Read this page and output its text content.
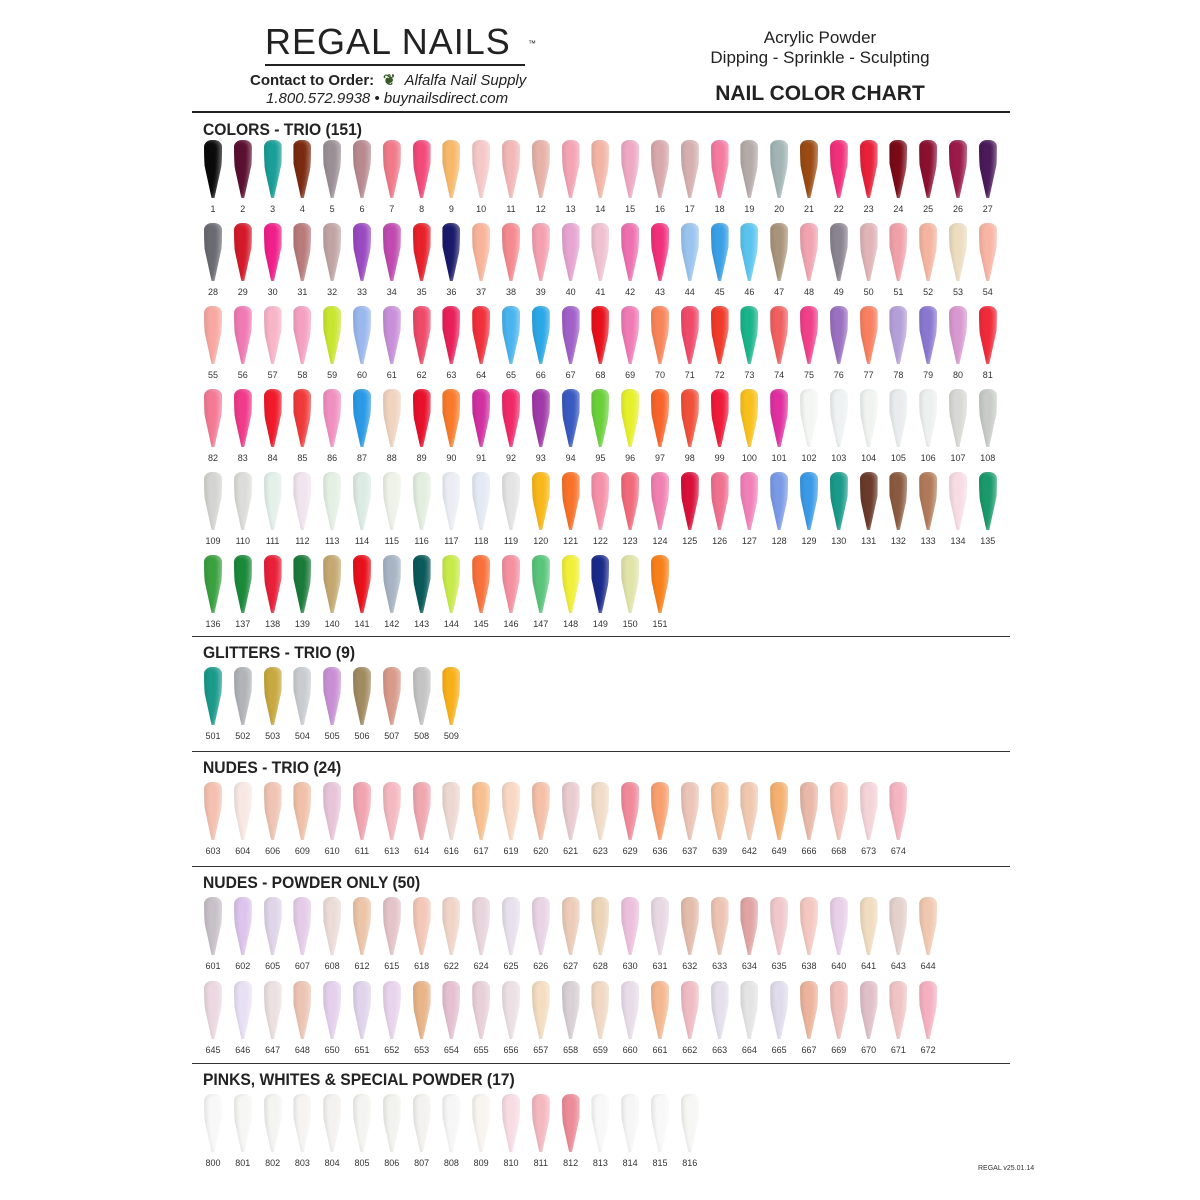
REGAL NAILS ™
Contact to Order: ❦ Alfalfa Nail Supply
1.800.572.9938 • buynailsdirect.com
Acrylic Powder
Dipping - Sprinkle - Sculpting
NAIL COLOR CHART
COLORS - TRIO (151)
1	2	3	4	5	6	7	8	9	10	11	12	13	14	15	16	17	18	19	20	21	22	23	24	25	26	27
28	29	30	31	32	33	34	35	36	37	38	39	40	41	42	43	44	45	46	47	48	49	50	51	52	53	54
55	56	57	58	59	60	61	62	63	64	65	66	67	68	69	70	71	72	73	74	75	76	77	78	79	80	81
82	83	84	85	86	87	88	89	90	91	92	93	94	95	96	97	98	99	100	101	102	103	104	105	106	107	108
109	110	111	112	113	114	115	116	117	118	119	120	121	122	123	124	125	126	127	128	129	130	131	132	133	134	135
136	137	138	139	140	141	142	143	144	145	146	147	148	149	150	151
GLITTERS - TRIO (9)
501	502	503	504	505	506	507	508	509
NUDES - TRIO (24)
603	604	606	609	610	611	613	614	616	617	619	620	621	623	629	636	637	639	642	649	666	668	673	674
NUDES - POWDER ONLY (50)
601	602	605	607	608	612	615	618	622	624	625	626	627	628	630	631	632	633	634	635	638	640	641	643	644
645	646	647	648	650	651	652	653	654	655	656	657	658	659	660	661	662	663	664	665	667	669	670	671	672
PINKS, WHITES & SPECIAL POWDER (17)
800	801	802	803	804	805	806	807	808	809	810	811	812	813	814	815	816
REGAL v25.01.14
